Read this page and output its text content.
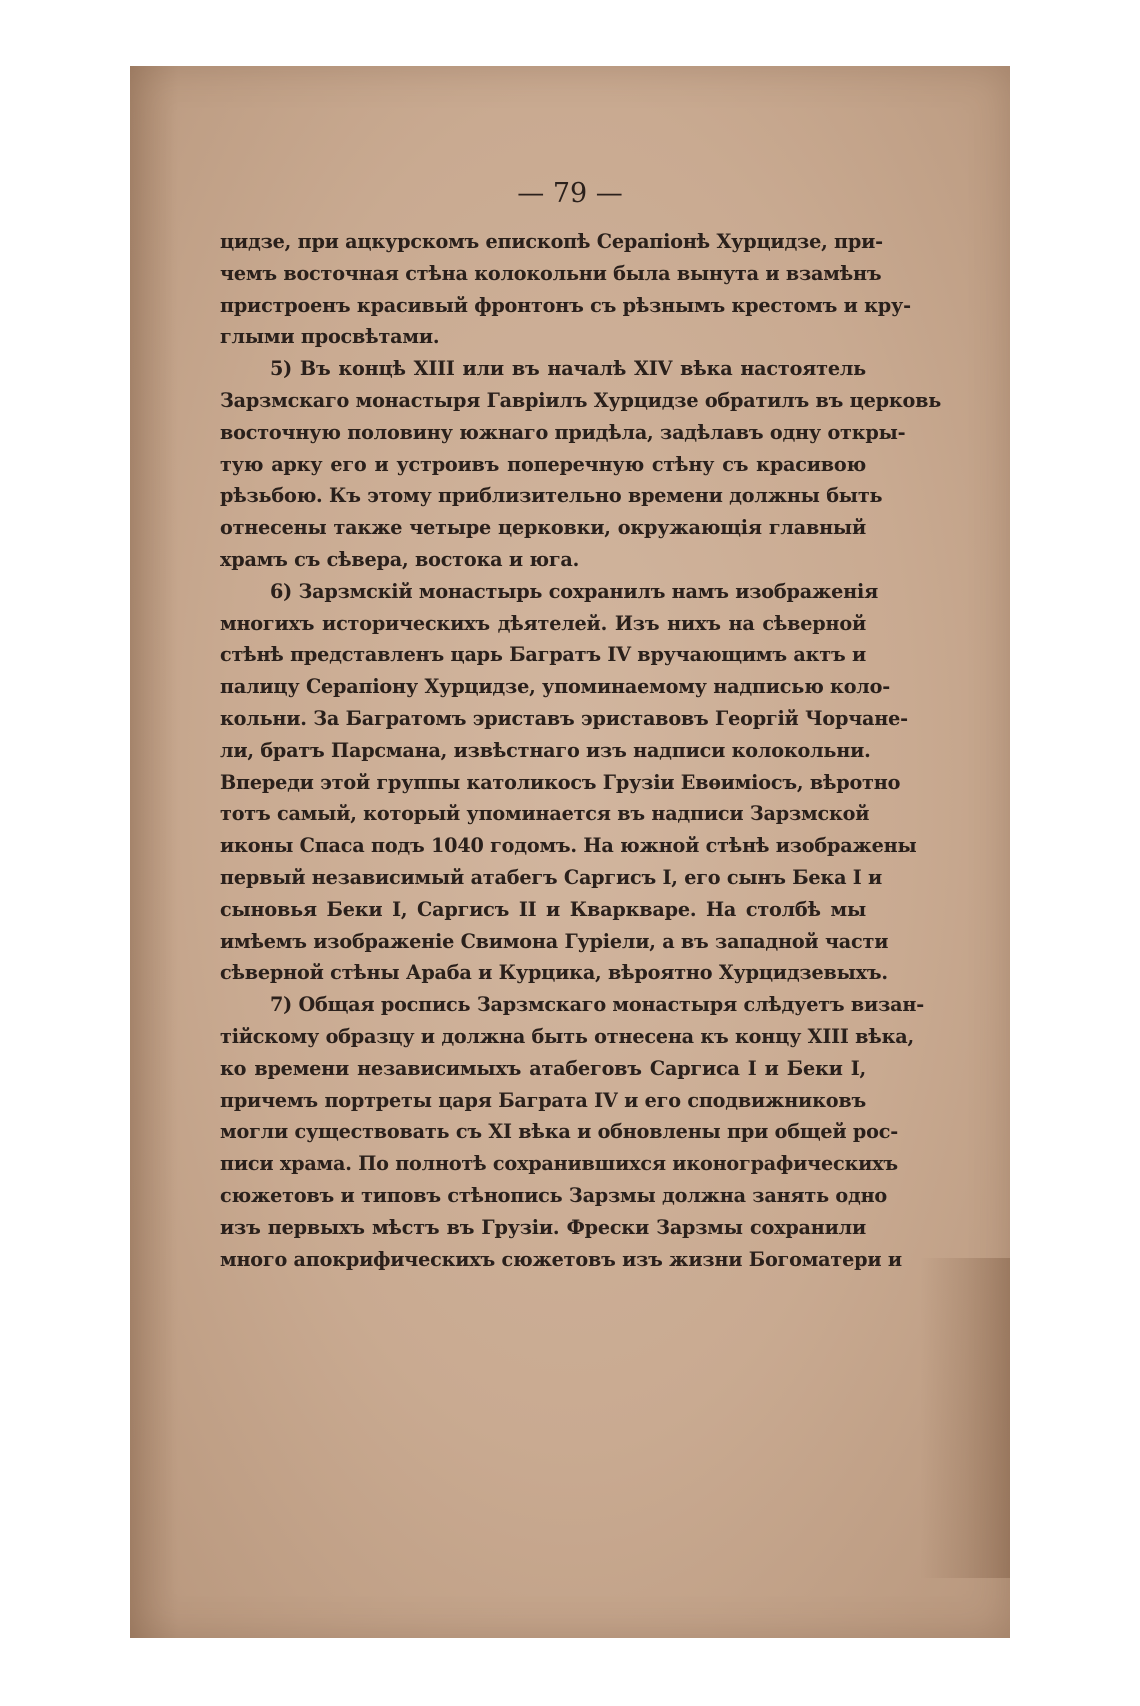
— 79 —
цидзе, при ацкурскомъ епископѣ Серапіонѣ Хурцидзе, при-
чемъ восточная стѣна колокольни была вынута и взамѣнъ
пристроенъ красивый фронтонъ съ рѣзнымъ крестомъ и кру-
глыми просвѣтами.
5) Въ концѣ XIII или въ началѣ XIV вѣка настоятель
Зарзмскаго монастыря Гавріилъ Хурцидзе обратилъ въ церковь
восточную половину южнаго придѣла, задѣлавъ одну откры-
тую арку его и устроивъ поперечную стѣну съ красивою
рѣзьбою. Къ этому приблизительно времени должны быть
отнесены также четыре церковки, окружающія главный
храмъ съ сѣвера, востока и юга.
6) Зарзмскій монастырь сохранилъ намъ изображенія
многихъ историческихъ дѣятелей. Изъ нихъ на сѣверной
стѣнѣ представленъ царь Багратъ IV вручающимъ актъ и
палицу Серапіону Хурцидзе, упоминаемому надписью коло-
кольни. За Багратомъ эриставъ эриставовъ Георгій Чорчане-
ли, братъ Парсмана, извѣстнаго изъ надписи колокольни.
Впереди этой группы католикосъ Грузіи Евѳиміосъ, вѣротно
тотъ самый, который упоминается въ надписи Зарзмской
иконы Спаса подъ 1040 годомъ. На южной стѣнѣ изображены
первый независимый атабегъ Саргисъ I, его сынъ Бека I и
сыновья Беки I, Саргисъ II и Кваркваре. На столбѣ мы
имѣемъ изображеніе Свимона Гуріели, а въ западной части
сѣверной стѣны Араба и Курцика, вѣроятно Хурцидзевыхъ.
7) Общая роспись Зарзмскаго монастыря слѣдуетъ визан-
тійскому образцу и должна быть отнесена къ концу XIII вѣка,
ко времени независимыхъ атабеговъ Саргиса I и Беки I,
причемъ портреты царя Баграта IV и его сподвижниковъ
могли существовать съ XI вѣка и обновлены при общей рос-
писи храма. По полнотѣ сохранившихся иконографическихъ
сюжетовъ и типовъ стѣнопись Зарзмы должна занять одно
изъ первыхъ мѣстъ въ Грузіи. Фрески Зарзмы сохранили
много апокрифическихъ сюжетовъ изъ жизни Богоматери и
